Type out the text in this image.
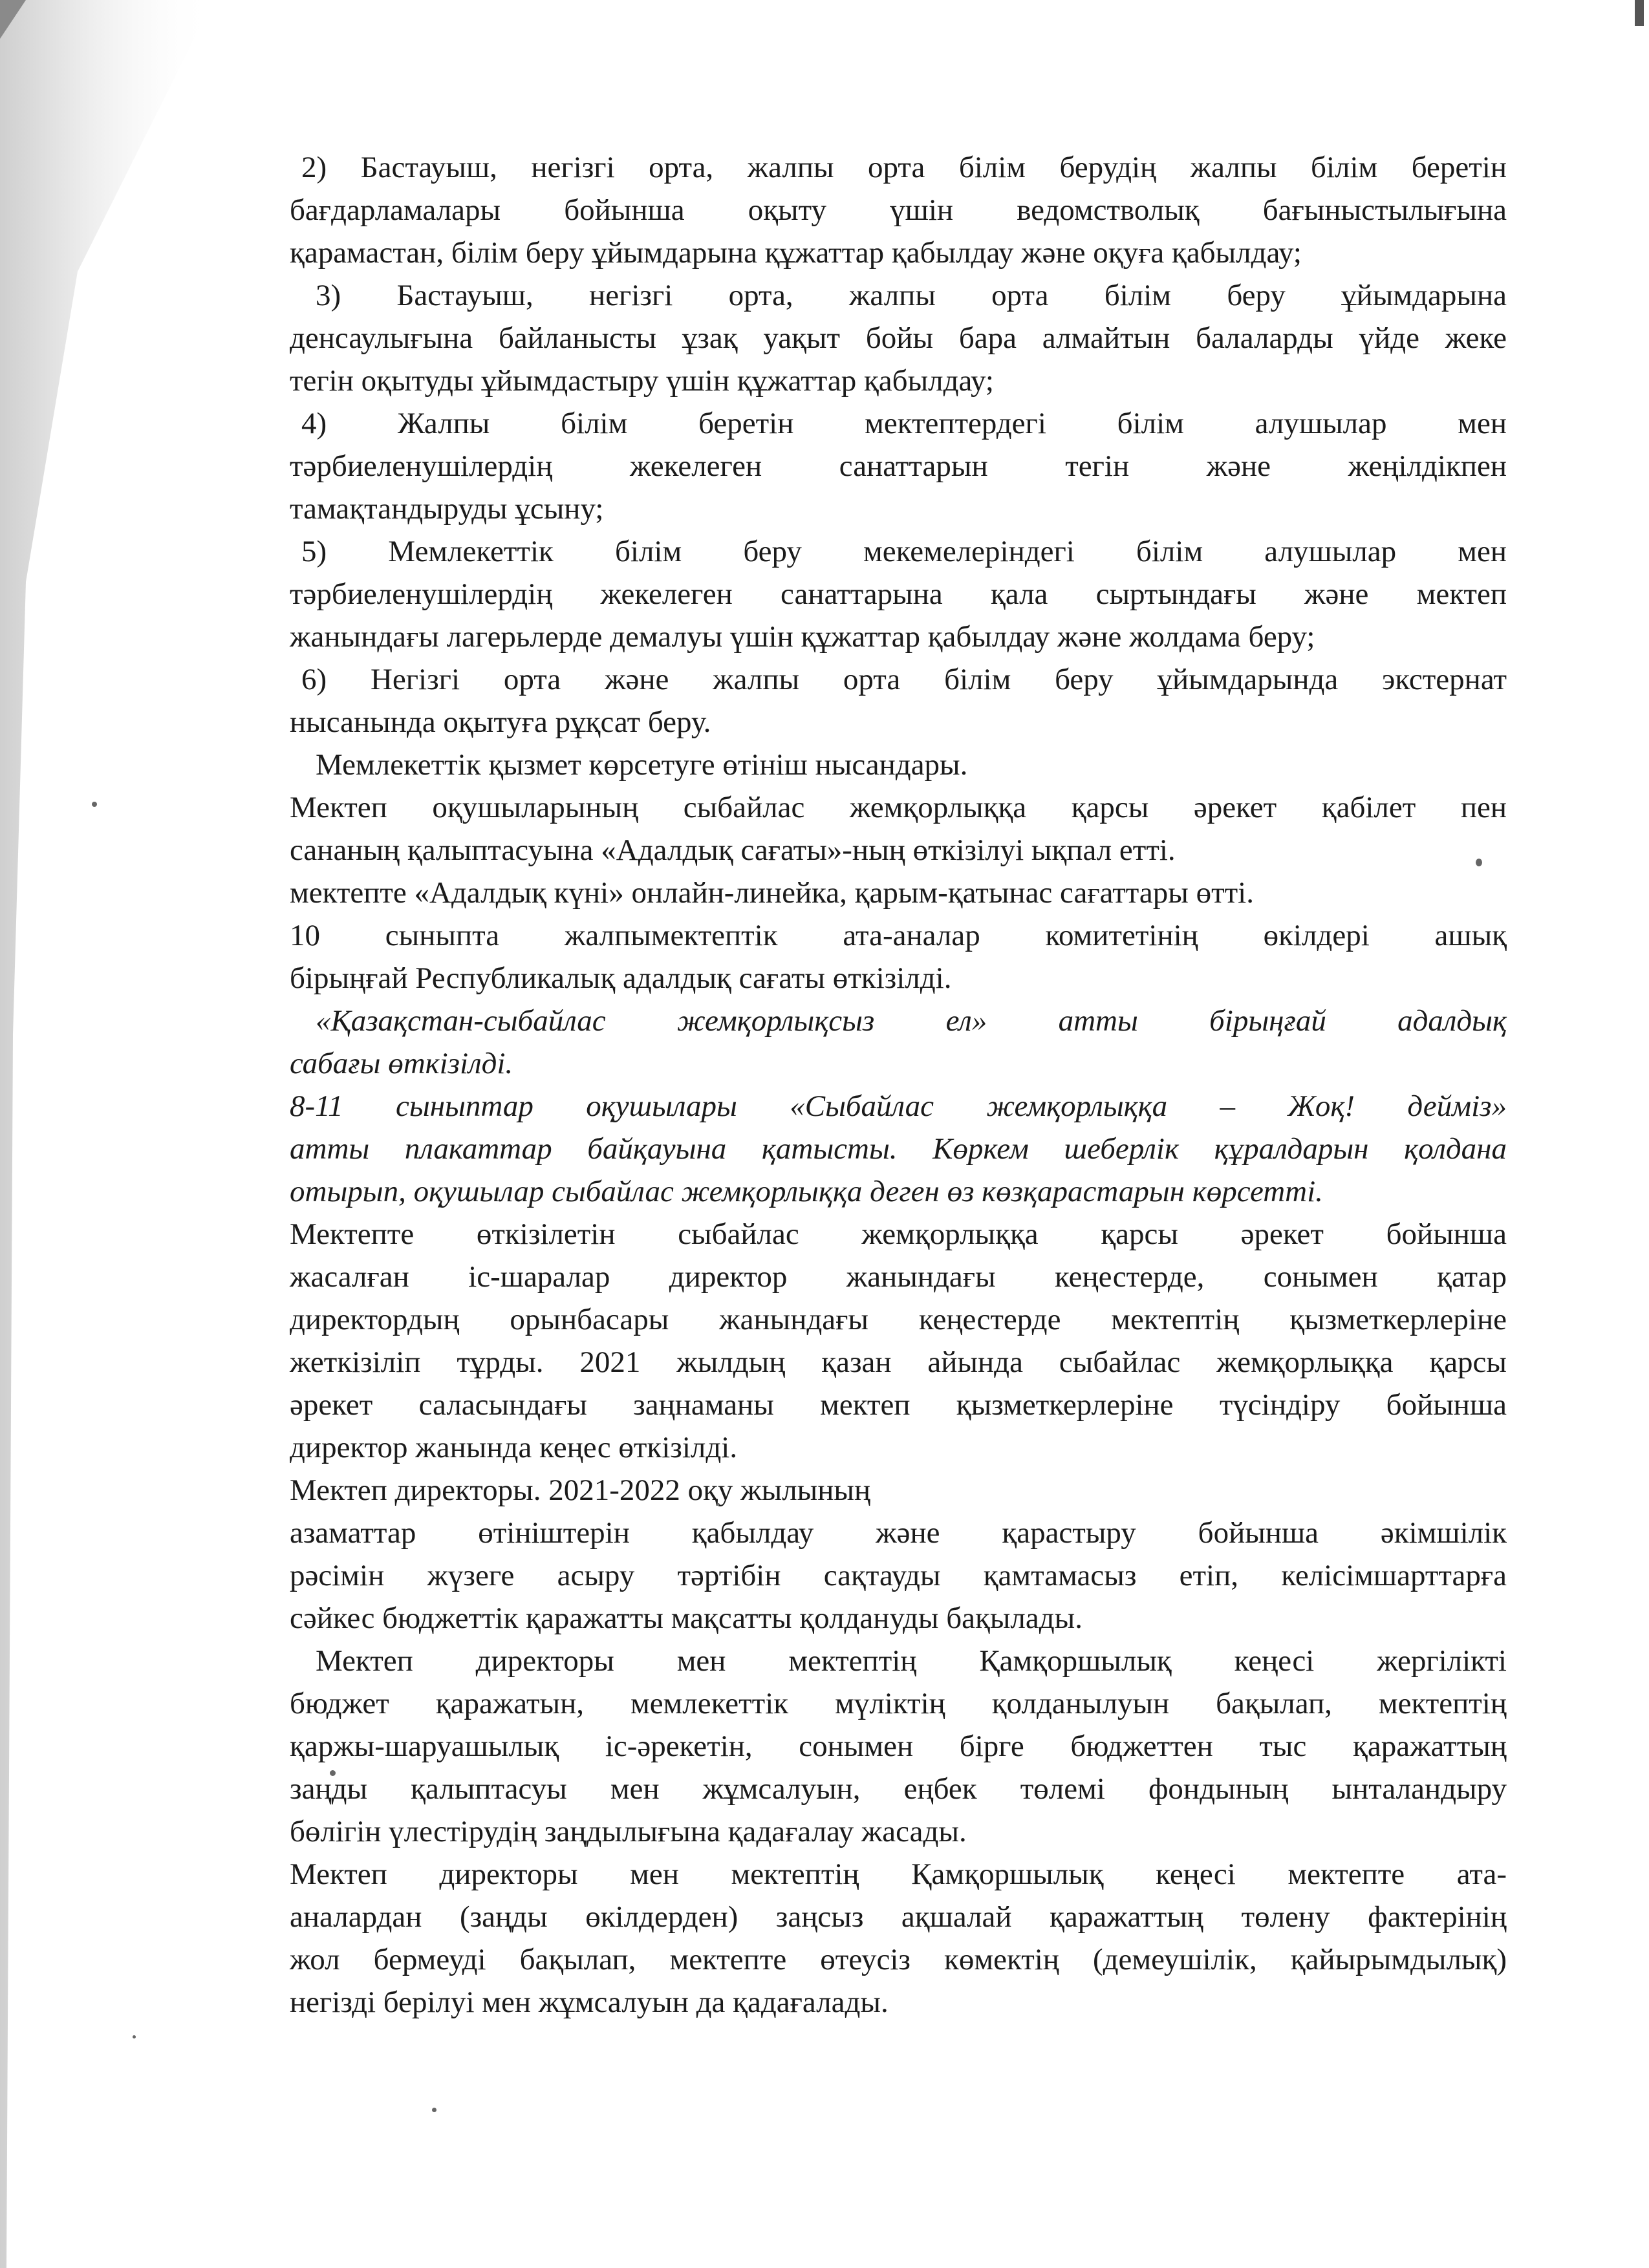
2) Бастауыш, негізгі орта, жалпы орта білім берудің жалпы білім беретін
бағдарламалары бойынша оқыту үшін ведомстволық бағыныстылығына
қарамастан, білім беру ұйымдарына құжаттар қабылдау және оқуға қабылдау;
3) Бастауыш, негізгі орта, жалпы орта білім беру ұйымдарына
денсаулығына байланысты ұзақ уақыт бойы бара алмайтын балаларды үйде жеке
тегін оқытуды ұйымдастыру үшін құжаттар қабылдау;
4) Жалпы білім беретін мектептердегі білім алушылар мен
тәрбиеленушілердің жекелеген санаттарын тегін және жеңілдікпен
тамақтандыруды ұсыну;
5) Мемлекеттік білім беру мекемелеріндегі білім алушылар мен
тәрбиеленушілердің жекелеген санаттарына қала сыртындағы және мектеп
жанындағы лагерьлерде демалуы үшін құжаттар қабылдау және жолдама беру;
6) Негізгі орта және жалпы орта білім беру ұйымдарында экстернат
нысанында оқытуға рұқсат беру.
Мемлекеттік қызмет көрсетуге өтініш нысандары.
Мектеп оқушыларының сыбайлас жемқорлыққа қарсы әрекет қабілет пен
сананың қалыптасуына «Адалдық сағаты»-ның өткізілуі ықпал етті.
мектепте «Адалдық күні» онлайн-линейка, қарым-қатынас сағаттары өтті.
10 сыныпта жалпымектептік ата-аналар комитетінің өкілдері ашық
бірыңғай Республикалық адалдық сағаты өткізілді.
«Қазақстан-сыбайлас жемқорлықсыз ел» атты бірыңғай адалдық
сабағы өткізілді.
8-11 сыныптар оқушылары «Сыбайлас жемқорлыққа – Жоқ! дейміз»
атты плакаттар байқауына қатысты. Көркем шеберлік құралдарын қолдана
отырып, оқушылар сыбайлас жемқорлыққа деген өз көзқарастарын көрсетті.
Мектепте өткізілетін сыбайлас жемқорлыққа қарсы әрекет бойынша
жасалған іс-шаралар директор жанындағы кеңестерде, сонымен қатар
директордың орынбасары жанындағы кеңестерде мектептің қызметкерлеріне
жеткізіліп тұрды. 2021 жылдың қазан айында сыбайлас жемқорлыққа қарсы
әрекет саласындағы заңнаманы мектеп қызметкерлеріне түсіндіру бойынша
директор жанында кеңес өткізілді.
Мектеп директоры. 2021-2022 оқу жылының
азаматтар өтініштерін қабылдау және қарастыру бойынша әкімшілік
рәсімін жүзеге асыру тәртібін сақтауды қамтамасыз етіп, келісімшарттарға
сәйкес бюджеттік қаражатты мақсатты қолдануды бақылады.
Мектеп директоры мен мектептің Қамқоршылық кеңесі жергілікті
бюджет қаражатын, мемлекеттік мүліктің қолданылуын бақылап, мектептің
қаржы-шаруашылық іс-әрекетін, сонымен бірге бюджеттен тыс қаражаттың
заңды қалыптасуы мен жұмсалуын, еңбек төлемі фондының ынталандыру
бөлігін үлестірудің заңдылығына қадағалау жасады.
Мектеп директоры мен мектептің Қамқоршылық кеңесі мектепте ата-
аналардан (заңды өкілдерден) заңсыз ақшалай қаражаттың төлену фактерінің
жол бермеуді бақылап, мектепте өтеусіз көмектің (демеушілік, қайырымдылық)
негізді берілуі мен жұмсалуын да қадағалады.
